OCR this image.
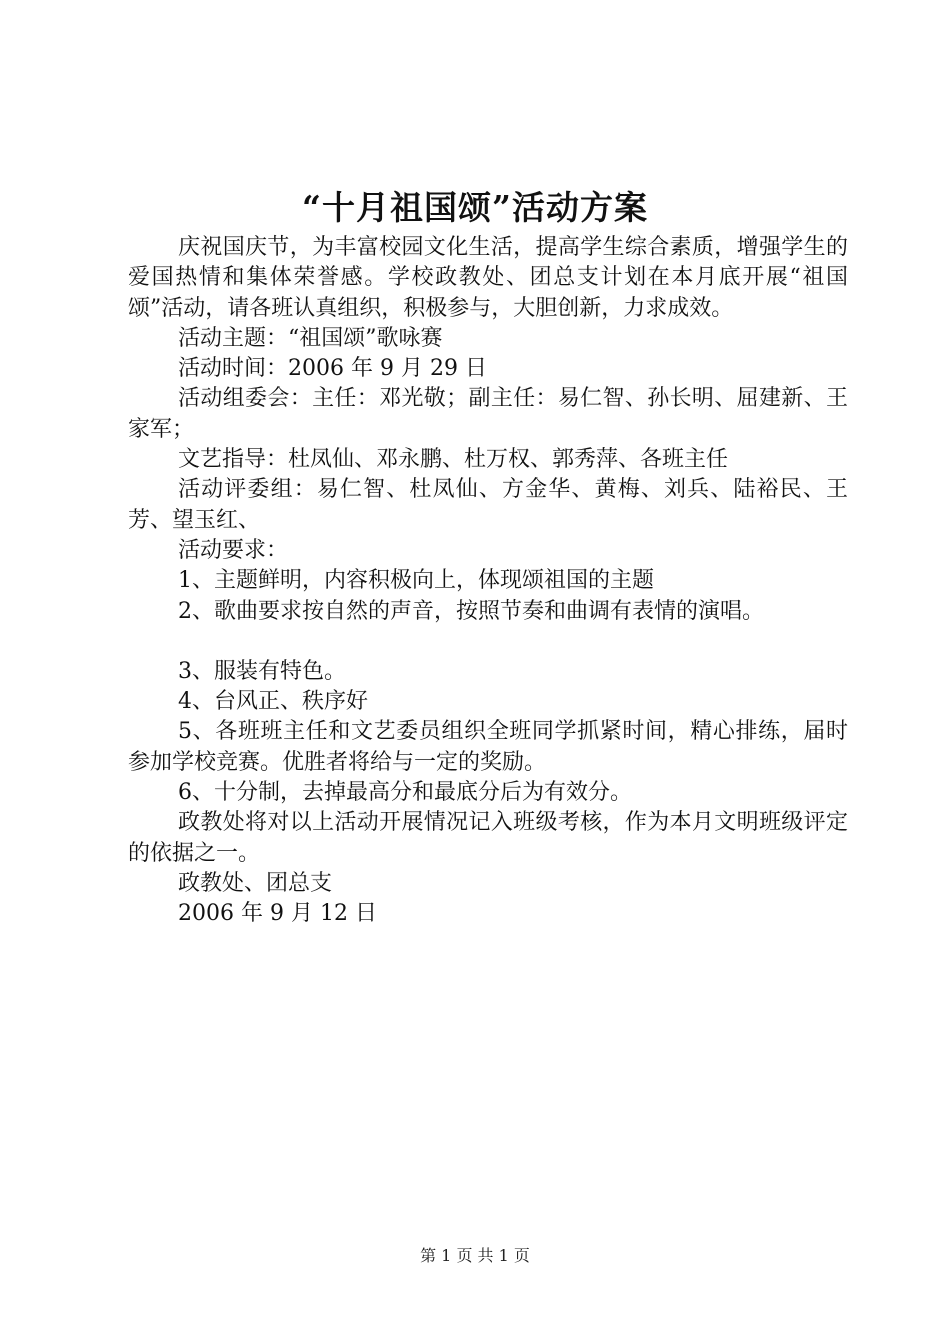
“十月祖国颂”活动方案

庆祝国庆节，为丰富校园文化生活，提高学生综合素质，增强学生的爱国热情和集体荣誉感。学校政教处、团总支计划在本月底开展“祖国颂”活动，请各班认真组织，积极参与，大胆创新，力求成效。

活动主题：“祖国颂”歌咏赛

活动时间：2006 年 9 月 29 日

活动组委会：主任：邓光敬；副主任：易仁智、孙长明、屈建新、王家军；

文艺指导：杜凤仙、邓永鹏、杜万权、郭秀萍、各班主任

活动评委组：易仁智、杜凤仙、方金华、黄梅、刘兵、陆裕民、王芳、望玉红、

活动要求：

1、主题鲜明，内容积极向上，体现颂祖国的主题

2、歌曲要求按自然的声音，按照节奏和曲调有表情的演唱。

3、服装有特色。

4、台风正、秩序好

5、各班班主任和文艺委员组织全班同学抓紧时间，精心排练，届时参加学校竞赛。优胜者将给与一定的奖励。

6、十分制，去掉最高分和最底分后为有效分。

政教处将对以上活动开展情况记入班级考核，作为本月文明班级评定的依据之一。

政教处、团总支

2006 年 9 月 12 日

第 1 页 共 1 页
